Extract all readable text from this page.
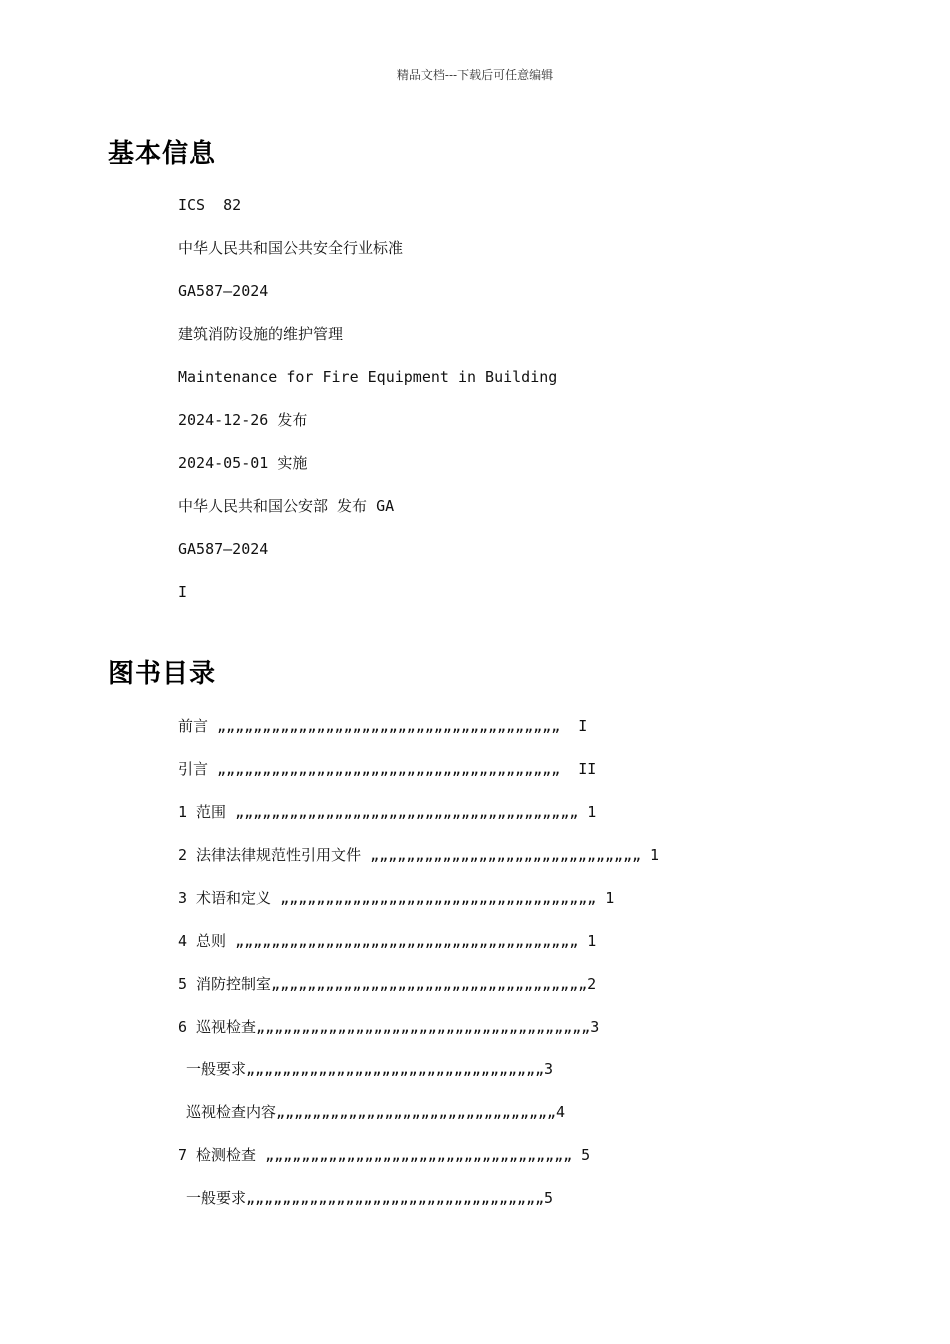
精品文档---下载后可任意编辑
基本信息
ICS  82
中华人民共和国公共安全行业标准
GA587—2024
建筑消防设施的维护管理
Maintenance for Fire Equipment in Building
2024-12-26 发布
2024-05-01 实施
中华人民共和国公安部 发布 GA
GA587—2024
I
图书目录
前言 „„„„„„„„„„„„„„„„„„„„„„„„„„„„„„„„„„„„„„  I
引言 „„„„„„„„„„„„„„„„„„„„„„„„„„„„„„„„„„„„„„  II
1 范围 „„„„„„„„„„„„„„„„„„„„„„„„„„„„„„„„„„„„„„ 1
2 法律法律规范性引用文件 „„„„„„„„„„„„„„„„„„„„„„„„„„„„„„ 1
3 术语和定义 „„„„„„„„„„„„„„„„„„„„„„„„„„„„„„„„„„„ 1
4 总则 „„„„„„„„„„„„„„„„„„„„„„„„„„„„„„„„„„„„„„ 1
5 消防控制室„„„„„„„„„„„„„„„„„„„„„„„„„„„„„„„„„„„2
6 巡视检查„„„„„„„„„„„„„„„„„„„„„„„„„„„„„„„„„„„„„3
一般要求„„„„„„„„„„„„„„„„„„„„„„„„„„„„„„„„„3
巡视检查内容„„„„„„„„„„„„„„„„„„„„„„„„„„„„„„„4
7 检测检查 „„„„„„„„„„„„„„„„„„„„„„„„„„„„„„„„„„ 5
一般要求„„„„„„„„„„„„„„„„„„„„„„„„„„„„„„„„„5
